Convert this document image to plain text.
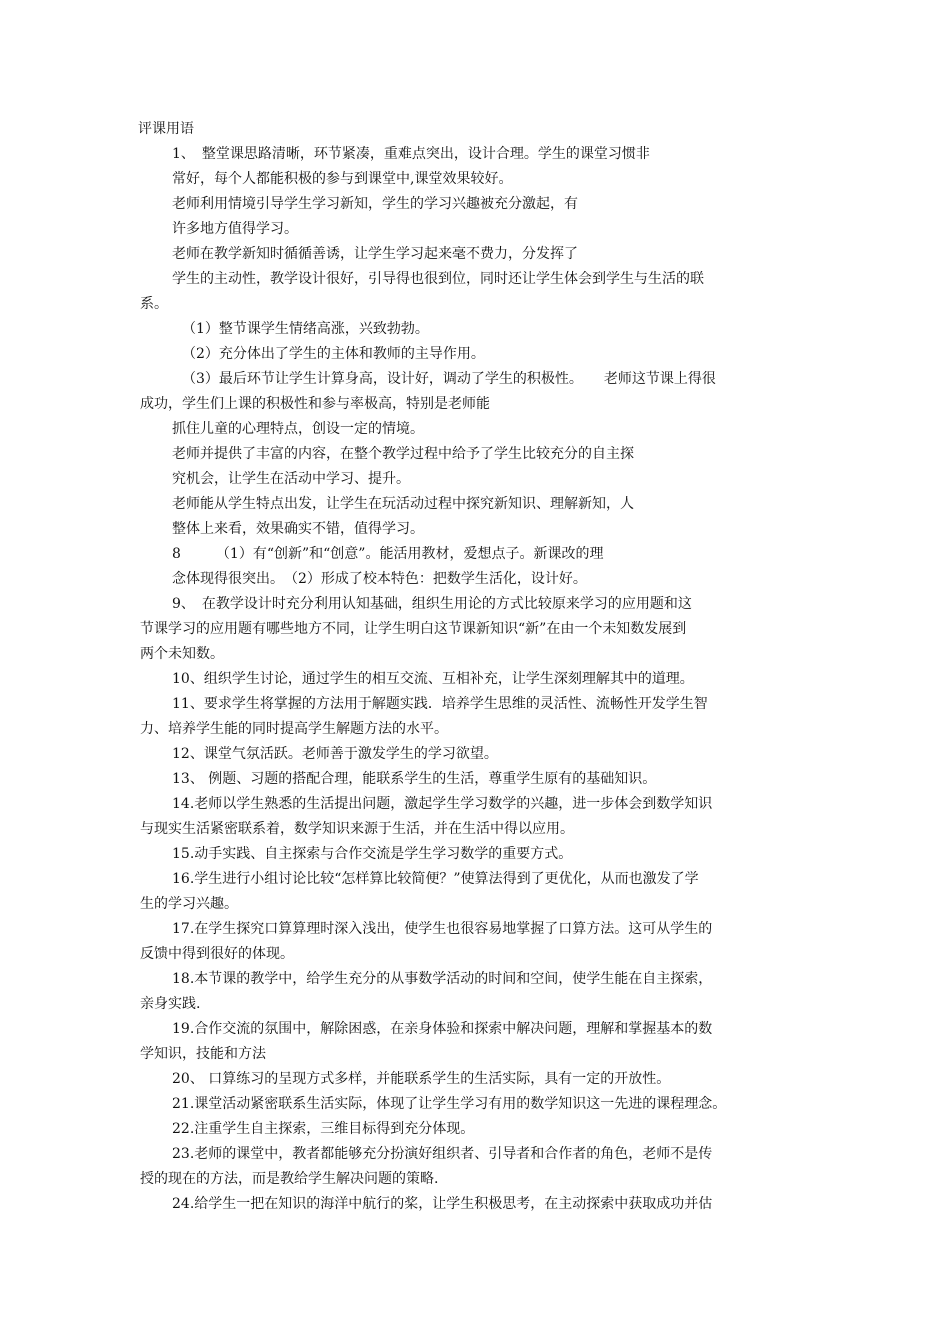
评课用语
1、　整堂课思路清晰，环节紧凑，重难点突出，设计合理。学生的课堂习惯非
常好，每个人都能积极的参与到课堂中,课堂效果较好。
老师利用情境引导学生学习新知，学生的学习兴趣被充分激起，有
许多地方值得学习。
老师在教学新知时循循善诱，让学生学习起来毫不费力，分发挥了
学生的主动性，教学设计很好，引导得也很到位，同时还让学生体会到学生与生活的联
系。
（1）整节课学生情绪高涨，兴致勃勃。
（2）充分体出了学生的主体和教师的主导作用。
（3）最后环节让学生计算身高，设计好，调动了学生的积极性。　　老师这节课上得很
成功，学生们上课的积极性和参与率极高，特别是老师能
抓住儿童的心理特点，创设一定的情境。
老师并提供了丰富的内容，在整个教学过程中给予了学生比较充分的自主探
究机会，让学生在活动中学习、提升。
老师能从学生特点出发，让学生在玩活动过程中探究新知识、理解新知，人
整体上来看，效果确实不错，值得学习。
8　　　（1）有“创新”和“创意”。能活用教材，爱想点子。新课改的理
念体现得很突出。　（2）形成了校本特色：把数学生活化，设计好。
9、　在教学设计时充分利用认知基础，组织生用论的方式比较原来学习的应用题和这
节课学习的应用题有哪些地方不同，让学生明白这节课新知识“新”在由一个未知数发展到
两个未知数。
10、组织学生讨论，通过学生的相互交流、互相补充，让学生深刻理解其中的道理。
11、要求学生将掌握的方法用于解题实践．培养学生思维的灵活性、流畅性开发学生智
力、培养学生能的同时提高学生解题方法的水平。
12、课堂气氛活跃。老师善于激发学生的学习欲望。
13、 例题、习题的搭配合理，能联系学生的生活，尊重学生原有的基础知识。
14.老师以学生熟悉的生活提出问题，激起学生学习数学的兴趣，进一步体会到数学知识
与现实生活紧密联系着，数学知识来源于生活，并在生活中得以应用。
15.动手实践、自主探索与合作交流是学生学习数学的重要方式。
16.学生进行小组讨论比较“怎样算比较简便？”使算法得到了更优化，从而也激发了学
生的学习兴趣。
17.在学生探究口算算理时深入浅出，使学生也很容易地掌握了口算方法。这可从学生的
反馈中得到很好的体现。
18.本节课的教学中，给学生充分的从事数学活动的时间和空间，使学生能在自主探索，
亲身实践.
19.合作交流的氛围中，解除困惑，在亲身体验和探索中解决问题，理解和掌握基本的数
学知识，技能和方法
20、 口算练习的呈现方式多样，并能联系学生的生活实际，具有一定的开放性。
21.课堂活动紧密联系生活实际，体现了让学生学习有用的数学知识这一先进的课程理念。
22.注重学生自主探索，三维目标得到充分体现。
23.老师的课堂中，教者都能够充分扮演好组织者、引导者和合作者的角色，老师不是传
授的现在的方法，而是教给学生解决问题的策略.
24.给学生一把在知识的海洋中航行的桨，让学生积极思考，在主动探索中获取成功并估
